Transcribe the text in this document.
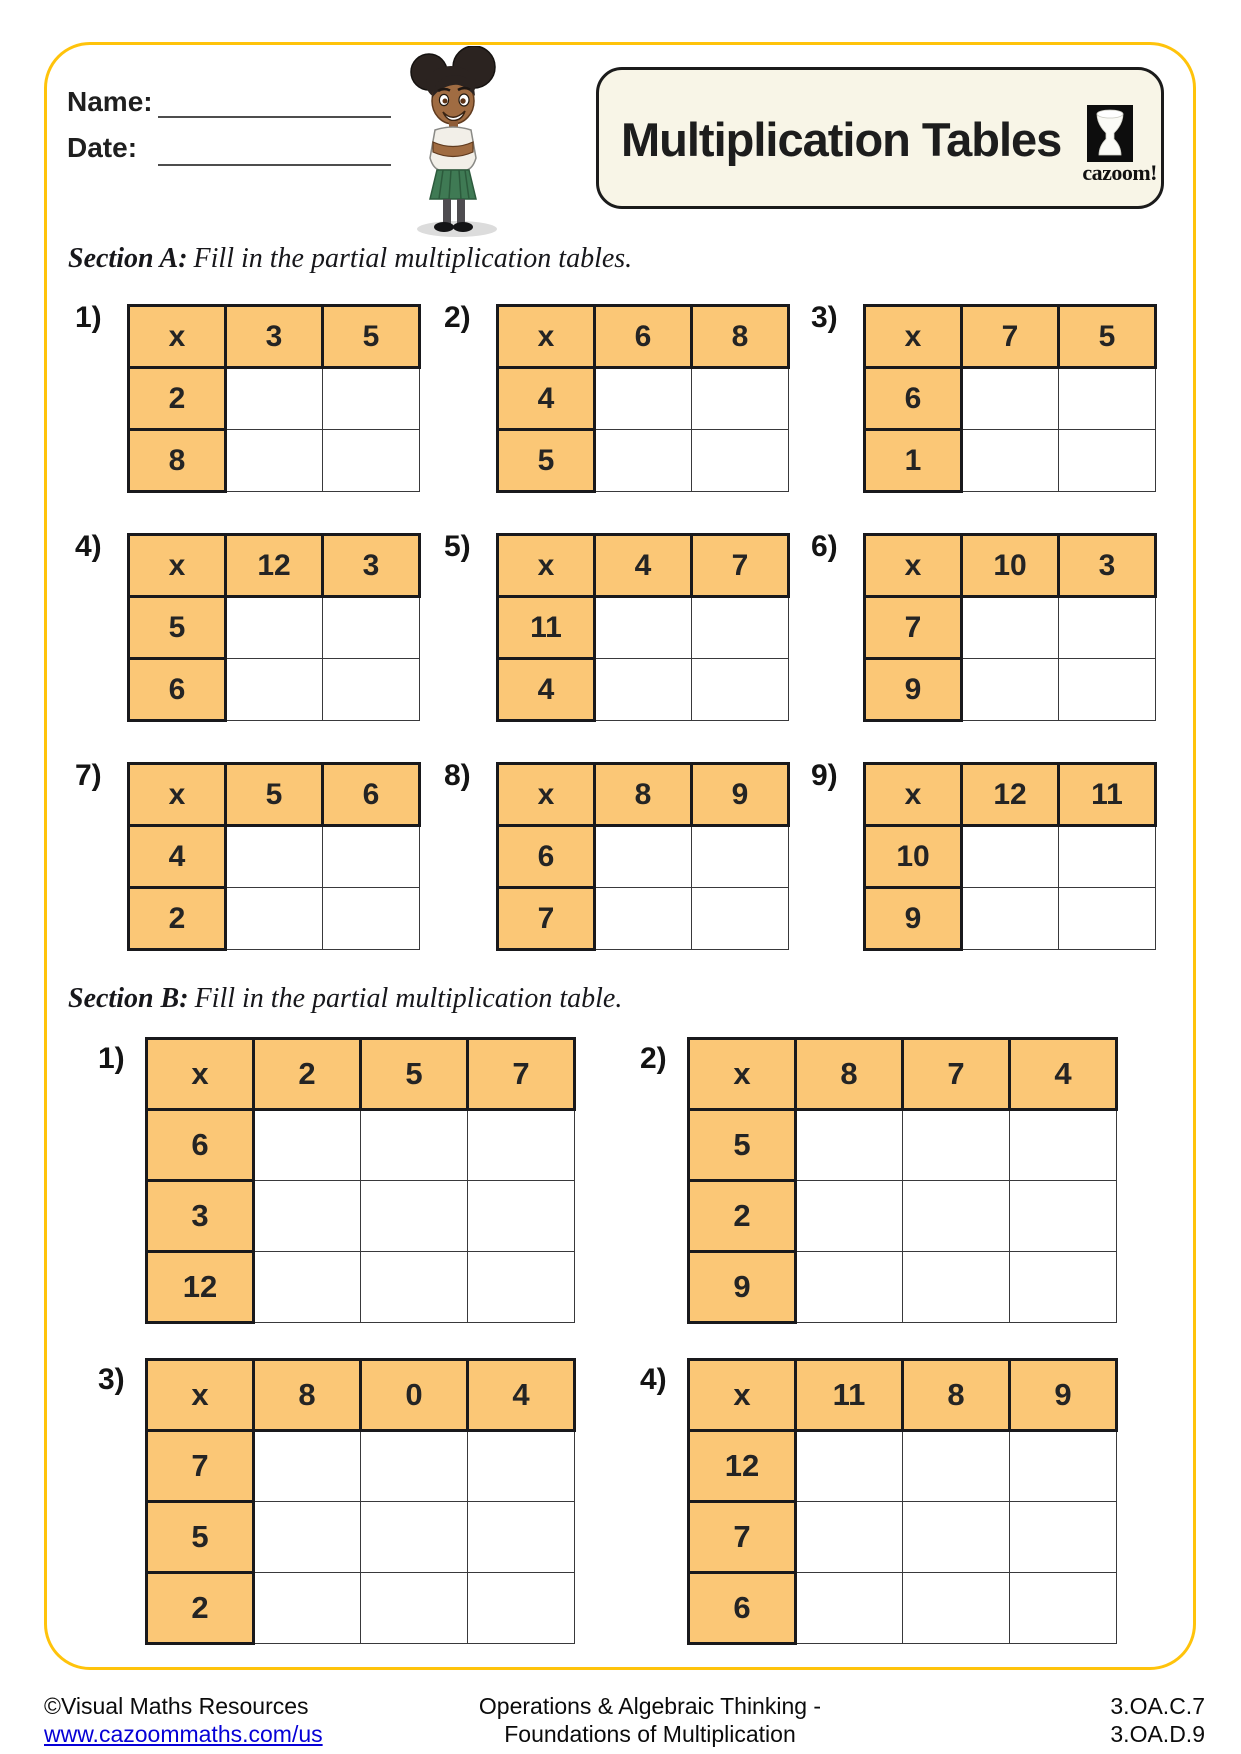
Name:
Date:	Multiplication Tables
cazoom!
Section A: Fill in the partial multiplication tables.
Section B: Fill in the partial multiplication table.
1)
x	3	5
2		
8		
2)
x	6	8
4		
5		
3)
x	7	5
6		
1		
4)
x	12	3
5		
6		
5)
x	4	7
11		
4		
6)
x	10	3
7		
9		
7)
x	5	6
4		
2		
8)
x	8	9
6		
7		
9)
x	12	11
10		
9		
1) x	2	5	7
6			
3			
12			
2) x	8	7	4
5			
2			
9			
3) x	8	0	4
7			
5			
2			
4) x	11	8	9
12			
7			
6			
©Visual Maths Resources
www.cazoommaths.com/us
Operations & Algebraic Thinking -
Foundations of Multiplication
3.OA.C.7
3.OA.D.9
